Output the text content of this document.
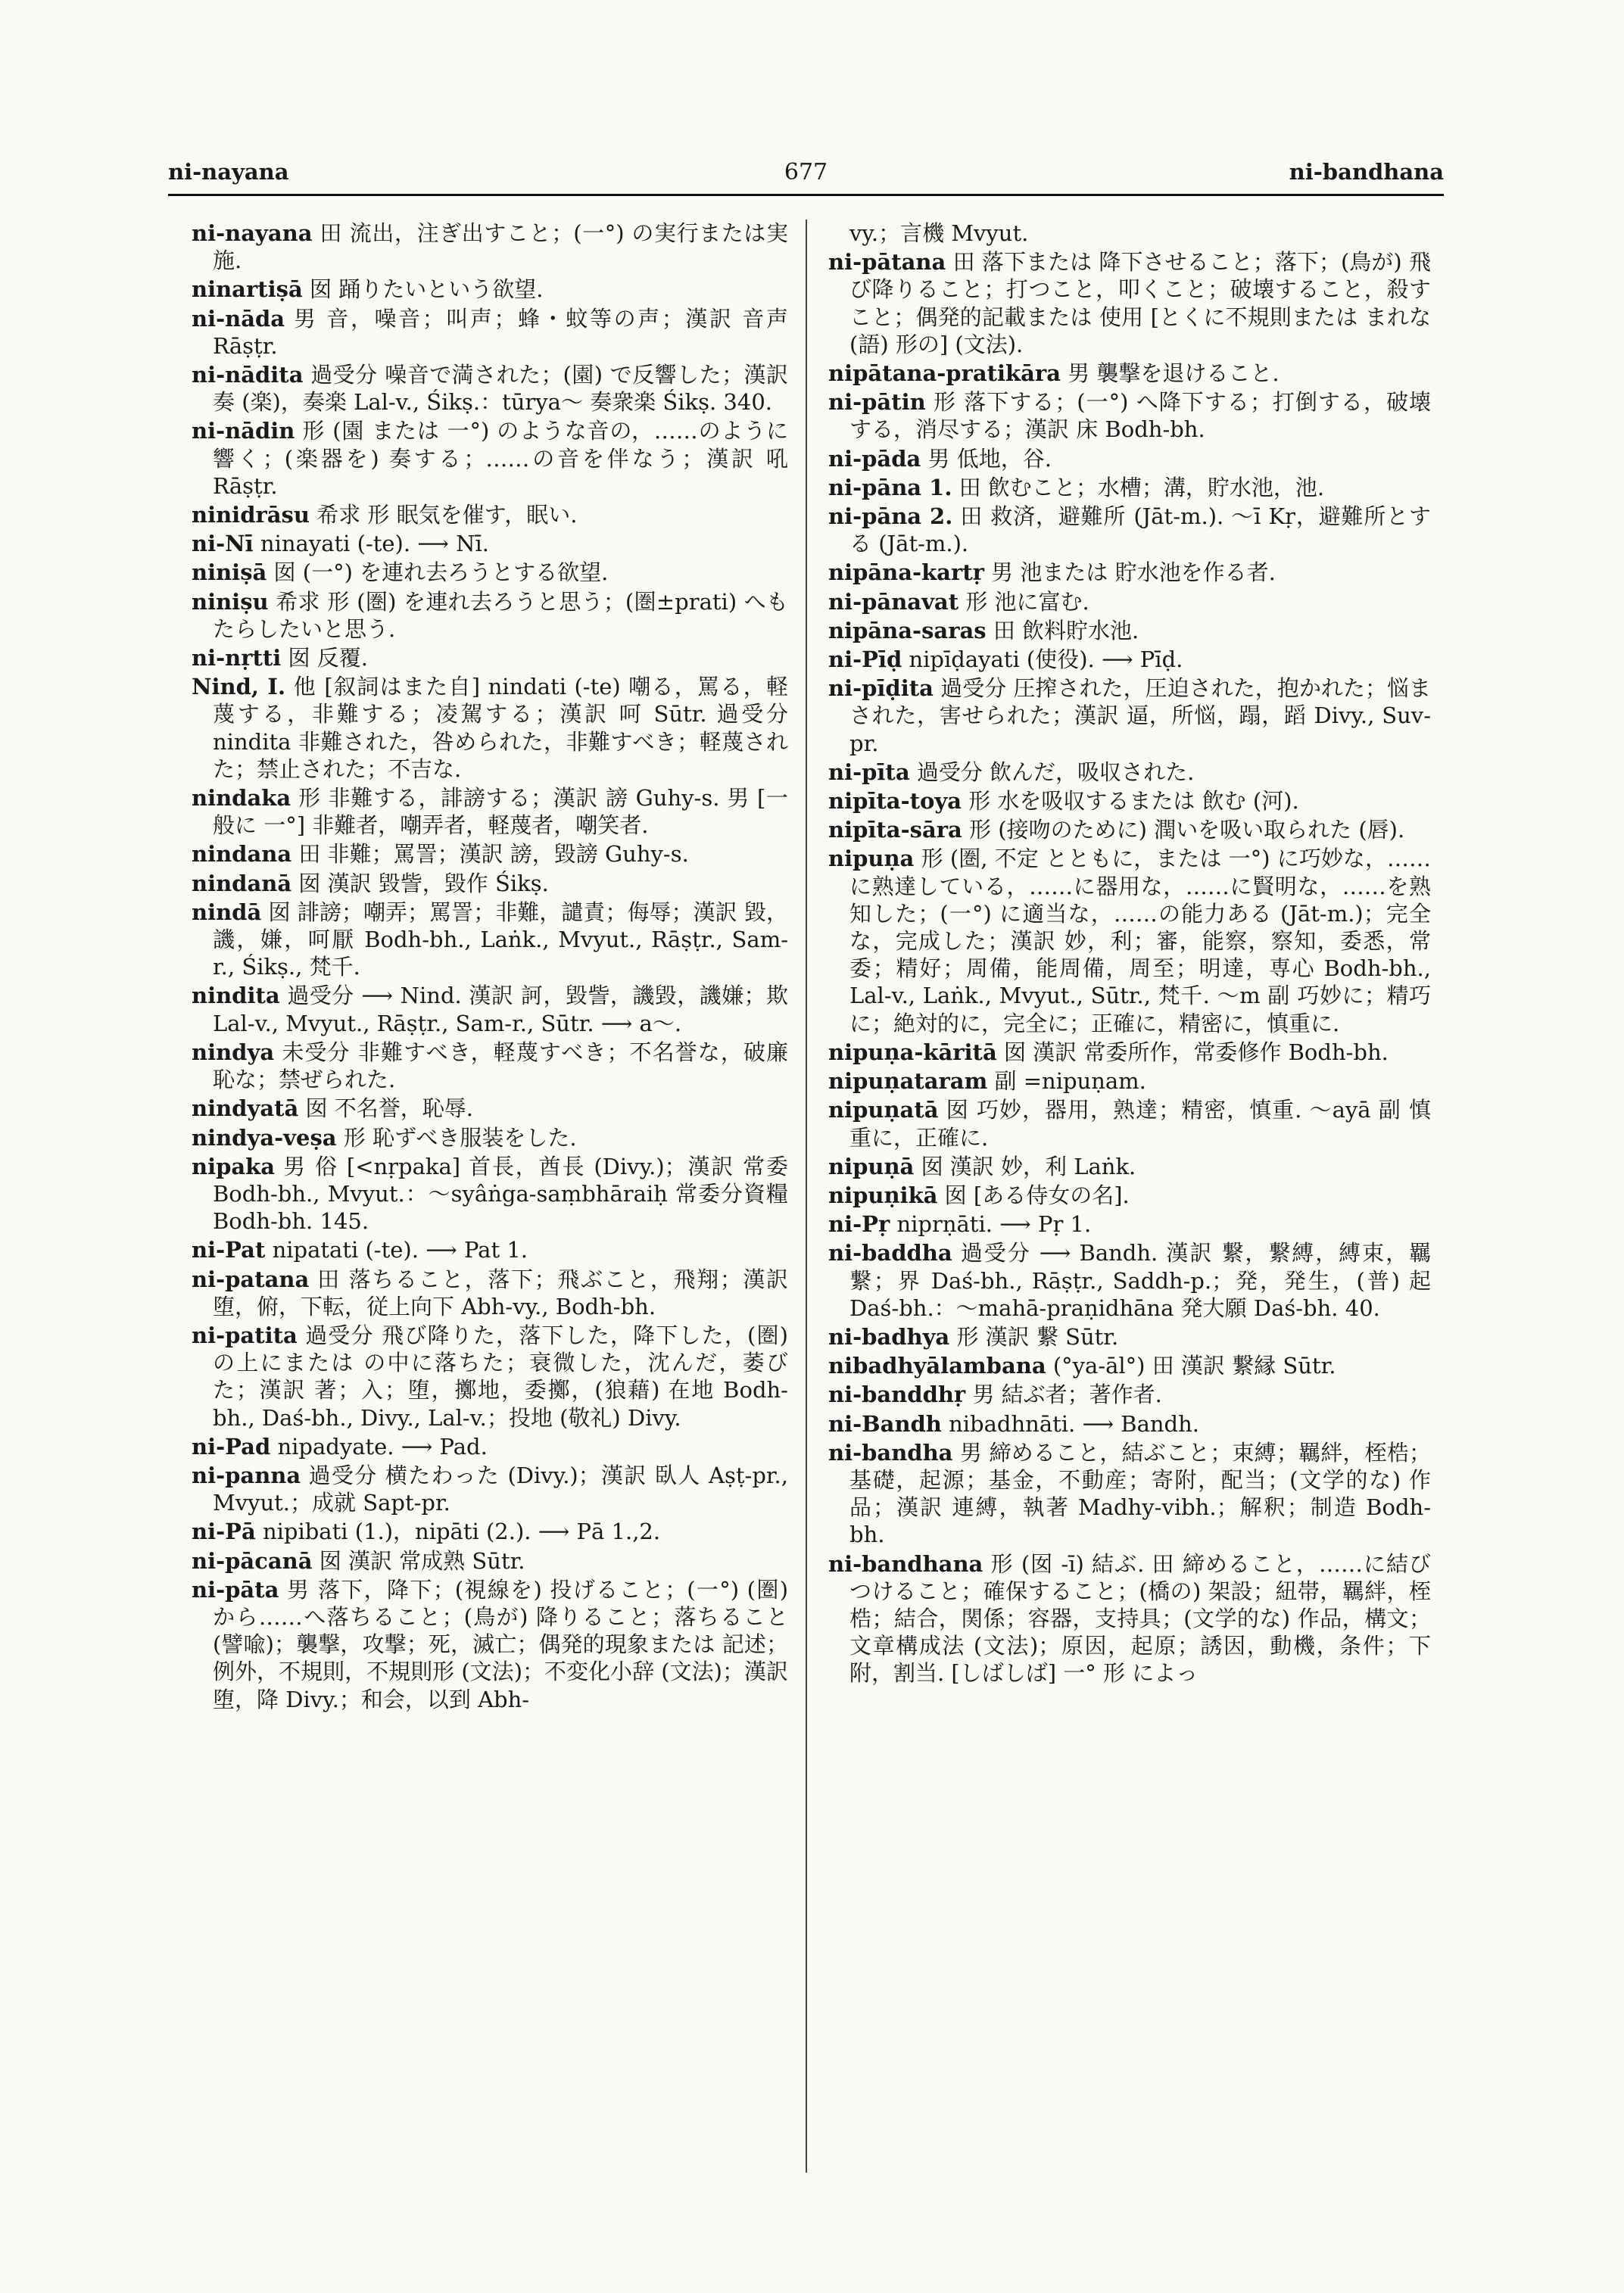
ni-nayana	677	ni-bandhana

ni-nayana 田 流出，注ぎ出すこと；(一°) の実行または実施.

ninartiṣā 囡 踊りたいという欲望.

ni-nāda 男 音，噪音；叫声；蜂・蚊等の声；漢訳 音声 Rāṣṭr.

ni-nādita 過受分 噪音で満された；(園) で反響した；漢訳 奏 (楽)，奏楽 Lal-v., Śikṣ.：tūrya～ 奏衆楽 Śikṣ. 340.

ni-nādin 形 (園 または 一°) のような音の，……のように響く；(楽器を) 奏する；……の音を伴なう；漢訳 吼 Rāṣṭr.

ninidrāsu 希求 形 眠気を催す，眠い.

ni-Nī ninayati (-te). ⟶ Nī.

niniṣā 囡 (一°) を連れ去ろうとする欲望.

niniṣu 希求 形 (圏) を連れ去ろうと思う；(圏±prati) へもたらしたいと思う.

ni-nṛtti 囡 反覆.

Nind, I. 他 [叙詞はまた自] nindati (-te) 嘲る，罵る，軽蔑する，非難する；凌駕する；漢訳 呵 Sūtr. 過受分 nindita 非難された，咎められた，非難すべき；軽蔑された；禁止された；不吉な.

nindaka 形 非難する，誹謗する；漢訳 謗 Guhy-s. 男 [一般に 一°] 非難者，嘲弄者，軽蔑者，嘲笑者.

nindana 田 非難；罵詈；漢訳 謗，毀謗 Guhy-s.

nindanā 囡 漢訳 毀訾，毀作 Śikṣ.

nindā 囡 誹謗；嘲弄；罵詈；非難，譴責；侮辱；漢訳 毀，譏，嫌，呵厭 Bodh-bh., Laṅk., Mvyut., Rāṣṭr., Sam-r., Śikṣ., 梵千.

nindita 過受分 ⟶ Nind. 漢訳 訶，毀訾，譏毀，譏嫌；欺 Lal-v., Mvyut., Rāṣṭr., Sam-r., Sūtr. ⟶ a～.

nindya 未受分 非難すべき，軽蔑すべき；不名誉な，破廉恥な；禁ぜられた.

nindyatā 囡 不名誉，恥辱.

nindya-veṣa 形 恥ずべき服装をした.

nipaka 男 俗 [<nṛpaka] 首長，酋長 (Divy.)；漢訳 常委 Bodh-bh., Mvyut.：～syâṅga-saṃbhāraiḥ 常委分資糧 Bodh-bh. 145.

ni-Pat nipatati (-te). ⟶ Pat 1.

ni-patana 田 落ちること，落下；飛ぶこと，飛翔；漢訳 堕，俯，下転，従上向下 Abh-vy., Bodh-bh.

ni-patita 過受分 飛び降りた，落下した，降下した，(圏) の上にまたは の中に落ちた；衰微した，沈んだ，萎びた；漢訳 著；入；堕，擲地，委擲，(狼藉) 在地 Bodh-bh., Daś-bh., Divy., Lal-v.；投地 (敬礼) Divy.

ni-Pad nipadyate. ⟶ Pad.

ni-panna 過受分 横たわった (Divy.)；漢訳 臥人 Aṣṭ-pr., Mvyut.；成就 Sapt-pr.

ni-Pā nipibati (1.)，nipāti (2.). ⟶ Pā 1.,2.

ni-pācanā 囡 漢訳 常成熟 Sūtr.

ni-pāta 男 落下，降下；(視線を) 投げること；(一°) (圏) から……へ落ちること；(鳥が) 降りること；落ちること (譬喩)；襲撃，攻撃；死，滅亡；偶発的現象または 記述；例外，不規則，不規則形 (文法)；不変化小辞 (文法)；漢訳 堕，降 Divy.；和会，以到 Abh-

vy.；言機 Mvyut.

ni-pātana 田 落下または 降下させること；落下；(鳥が) 飛び降りること；打つこと，叩くこと；破壊すること，殺すこと；偶発的記載または 使用 [とくに不規則または まれな (語) 形の] (文法).

nipātana-pratikāra 男 襲撃を退けること.

ni-pātin 形 落下する；(一°) へ降下する；打倒する，破壊する，消尽する；漢訳 床 Bodh-bh.

ni-pāda 男 低地，谷.

ni-pāna 1. 田 飲むこと；水槽；溝，貯水池，池.

ni-pāna 2. 田 救済，避難所 (Jāt-m.). ～ī Kṛ，避難所とする (Jāt-m.).

nipāna-kartṛ 男 池または 貯水池を作る者.

ni-pānavat 形 池に富む.

nipāna-saras 田 飲料貯水池.

ni-Pīḍ nipīḍayati (使役). ⟶ Pīḍ.

ni-pīḍita 過受分 圧搾された，圧迫された，抱かれた；悩まされた，害せられた；漢訳 逼，所悩，蹋，蹈 Divy., Suv-pr.

ni-pīta 過受分 飲んだ，吸収された.

nipīta-toya 形 水を吸収するまたは 飲む (河).

nipīta-sāra 形 (接吻のために) 潤いを吸い取られた (唇).

nipuṇa 形 (圏, 不定 とともに，または 一°) に巧妙な，……に熟達している，……に器用な，……に賢明な，……を熟知した；(一°) に適当な，……の能力ある (Jāt-m.)；完全な，完成した；漢訳 妙，利；審，能察，察知，委悉，常委；精好；周備，能周備，周至；明達，専心 Bodh-bh., Lal-v., Laṅk., Mvyut., Sūtr., 梵千. ～m 副 巧妙に；精巧に；絶対的に，完全に；正確に，精密に，慎重に.

nipuṇa-kāritā 囡 漢訳 常委所作，常委修作 Bodh-bh.

nipuṇataram 副 =nipuṇam.

nipuṇatā 囡 巧妙，器用，熟達；精密，慎重. ～ayā 副 慎重に，正確に.

nipuṇā 囡 漢訳 妙，利 Laṅk.

nipuṇikā 囡 [ある侍女の名].

ni-Pṛ niprṇāti. ⟶ Pṛ 1.

ni-baddha 過受分 ⟶ Bandh. 漢訳 繋，繋縛，縛束，羈繋；界 Daś-bh., Rāṣṭr., Saddh-p.；発，発生，(普) 起 Daś-bh.：～mahā-praṇidhāna 発大願 Daś-bh. 40.

ni-badhya 形 漢訳 繋 Sūtr.

nibadhyālambana (°ya-āl°) 田 漢訳 繋縁 Sūtr.

ni-banddhṛ 男 結ぶ者；著作者.

ni-Bandh nibadhnāti. ⟶ Bandh.

ni-bandha 男 締めること，結ぶこと；束縛；羈絆，桎梏；基礎，起源；基金，不動産；寄附，配当；(文学的な) 作品；漢訳 連縛，執著 Madhy-vibh.；解釈；制造 Bodh-bh.

ni-bandhana 形 (囡 -ī) 結ぶ. 田 締めること，……に結びつけること；確保すること；(橋の) 架設；紐帯，羈絆，桎梏；結合，関係；容器，支持具；(文学的な) 作品，構文；文章構成法 (文法)；原因，起原；誘因，動機，条件；下附，割当. [しばしば] 一° 形 によっ
